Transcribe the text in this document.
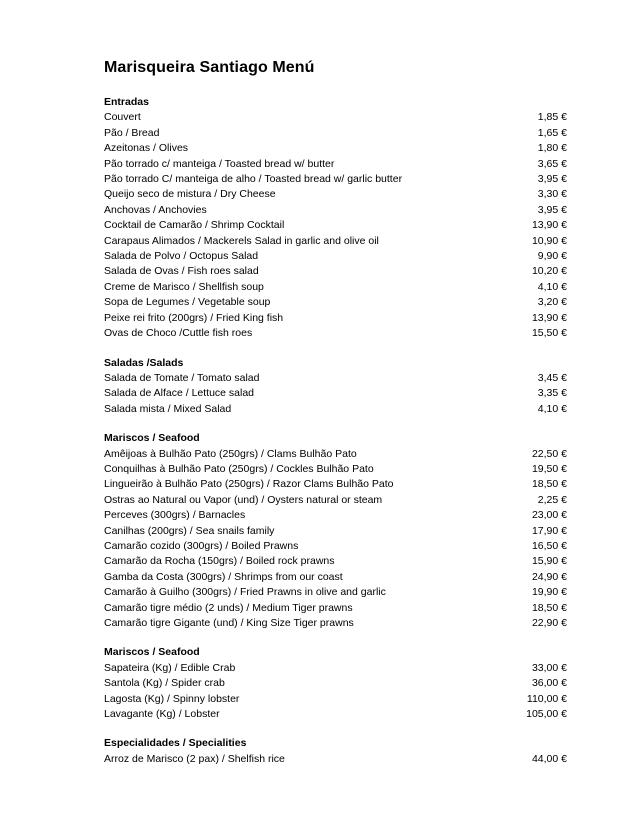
Marisqueira Santiago Menú
Entradas
Couvert	1,85 €
Pão / Bread	1,65 €
Azeitonas / Olives	1,80 €
Pão torrado c/ manteiga / Toasted bread w/ butter	3,65 €
Pão torrado C/ manteiga de alho / Toasted bread w/ garlic butter	3,95 €
Queijo seco de mistura / Dry Cheese	3,30 €
Anchovas / Anchovies	3,95 €
Cocktail de Camarão / Shrimp Cocktail	13,90 €
Carapaus Alimados / Mackerels Salad in garlic and olive oil	10,90 €
Salada de Polvo / Octopus Salad	9,90 €
Salada de Ovas / Fish roes salad	10,20 €
Creme de Marisco / Shellfish soup	4,10 €
Sopa de Legumes / Vegetable soup	3,20 €
Peixe rei frito (200grs) / Fried King fish	13,90 €
Ovas de Choco /Cuttle fish roes	15,50 €
Saladas /Salads
Salada de Tomate / Tomato salad	3,45 €
Salada de Alface / Lettuce salad	3,35 €
Salada mista / Mixed Salad	4,10 €
Mariscos / Seafood
Amêijoas à Bulhão Pato (250grs) / Clams Bulhão Pato	22,50 €
Conquilhas à Bulhão Pato (250grs) / Cockles Bulhão Pato	19,50 €
Lingueirão à Bulhão Pato (250grs) / Razor Clams Bulhão Pato	18,50 €
Ostras ao Natural ou Vapor (und) / Oysters natural or steam	2,25 €
Perceves (300grs) / Barnacles	23,00 €
Canilhas (200grs) / Sea snails family	17,90 €
Camarão cozido (300grs) / Boiled Prawns	16,50 €
Camarão da Rocha (150grs) / Boiled rock prawns	15,90 €
Gamba da Costa (300grs) / Shrimps from our coast	24,90 €
Camarão à Guilho (300grs) / Fried Prawns in olive and garlic	19,90 €
Camarão tigre médio (2 unds) / Medium Tiger prawns	18,50 €
Camarão tigre Gigante (und) / King Size Tiger prawns	22,90 €
Mariscos / Seafood
Sapateira (Kg) / Edible Crab	33,00 €
Santola (Kg) / Spider crab	36,00 €
Lagosta (Kg) / Spinny lobster	110,00 €
Lavagante (Kg) / Lobster	105,00 €
Especialidades / Specialities
Arroz de Marisco (2 pax) / Shelfish rice	44,00 €
